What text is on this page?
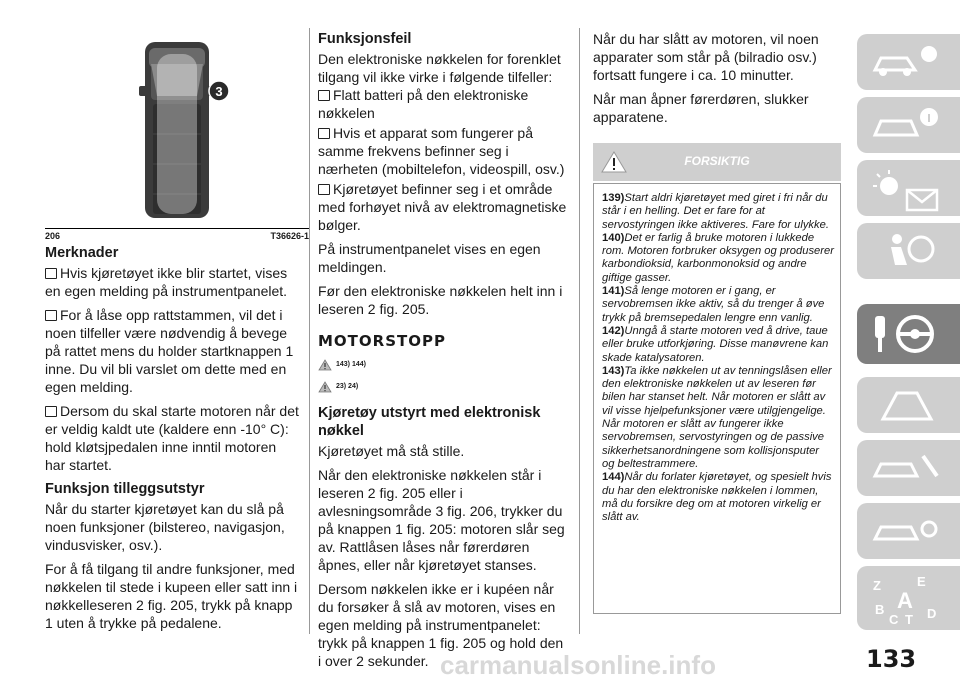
3
206	T36626-1
Merknader

Hvis kjøretøyet ikke blir startet, vises en egen melding på instrumentpanelet.

For å låse opp rattstammen, vil det i noen tilfeller være nødvendig å bevege på rattet mens du holder startknappen 1 inne. Du vil bli varslet om dette med en egen melding.

Dersom du skal starte motoren når det er veldig kaldt ute (kaldere enn -10° C): hold kløtsjpedalen inne inntil motoren har startet.

Funksjon tilleggsutstyr

Når du starter kjøretøyet kan du slå på noen funksjoner (bilstereo, navigasjon, vindusvisker, osv.).

For å få tilgang til andre funksjoner, med nøkkelen til stede i kupeen eller satt inn i nøkkelleseren 2 fig. 205, trykk på knapp 1 uten å trykke på pedalene.

Funksjonsfeil

Den elektroniske nøkkelen for forenklet tilgang vil ikke virke i følgende tilfeller:

Flatt batteri på den elektroniske nøkkelen

Hvis et apparat som fungerer på samme frekvens befinner seg i nærheten (mobiltelefon, videospill, osv.)

Kjøretøyet befinner seg i et område med forhøyet nivå av elektromagnetiske bølger.

På instrumentpanelet vises en egen meldingen.

Før den elektroniske nøkkelen helt inn i leseren 2 fig. 205.

MOTORSTOPP
143) 144)
23) 24)
Kjøretøy utstyrt med elektronisk nøkkel

Kjøretøyet må stå stille.

Når den elektroniske nøkkelen står i leseren 2 fig. 205 eller i avlesningsområde 3 fig. 206, trykker du på knappen 1 fig. 205: motoren slår seg av. Rattlåsen låses når førerdøren åpnes, eller når kjøretøyet stanses.

Dersom nøkkelen ikke er i kupéen når du forsøker å slå av motoren, vises en egen melding på instrumentpanelet: trykk på knappen 1 fig. 205 og hold den i over 2 sekunder.

Når du har slått av motoren, vil noen apparater som står på (bilradio osv.) fortsatt fungere i ca. 10 minutter.

Når man åpner førerdøren, slukker apparatene.

FORSIKTIG

139)Start aldri kjøretøyet med giret i fri når du står i en helling. Det er fare for at servostyringen ikke aktiveres. Fare for ulykke.

140)Det er farlig å bruke motoren i lukkede rom. Motoren forbruker oksygen og produserer karbondioksid, karbonmonoksid og andre giftige gasser.

141)Så lenge motoren er i gang, er servobremsen ikke aktiv, så du trenger å øve trykk på bremsepedalen lengre enn vanlig.

142)Unngå å starte motoren ved å drive, taue eller bruke utforkjøring. Disse manøvrene kan skade katalysatoren.

143)Ta ikke nøkkelen ut av tenningslåsen eller den elektroniske nøkkelen ut av leseren før bilen har stanset helt. Når motoren er slått av vil visse hjelpefunksjoner være utilgjengelige. Når motoren er slått av fungerer ikke servobremsen, servostyringen og de passive sikkerhetsanordningene som kollisjonsputer og beltestrammere.

144)Når du forlater kjøretøyet, og spesielt hvis du har den elektroniske nøkkelen i lommen, må du forsikre deg om at motoren virkelig er slått av.

Z	E
B
C T D
A
133
carmanualsonline.info
